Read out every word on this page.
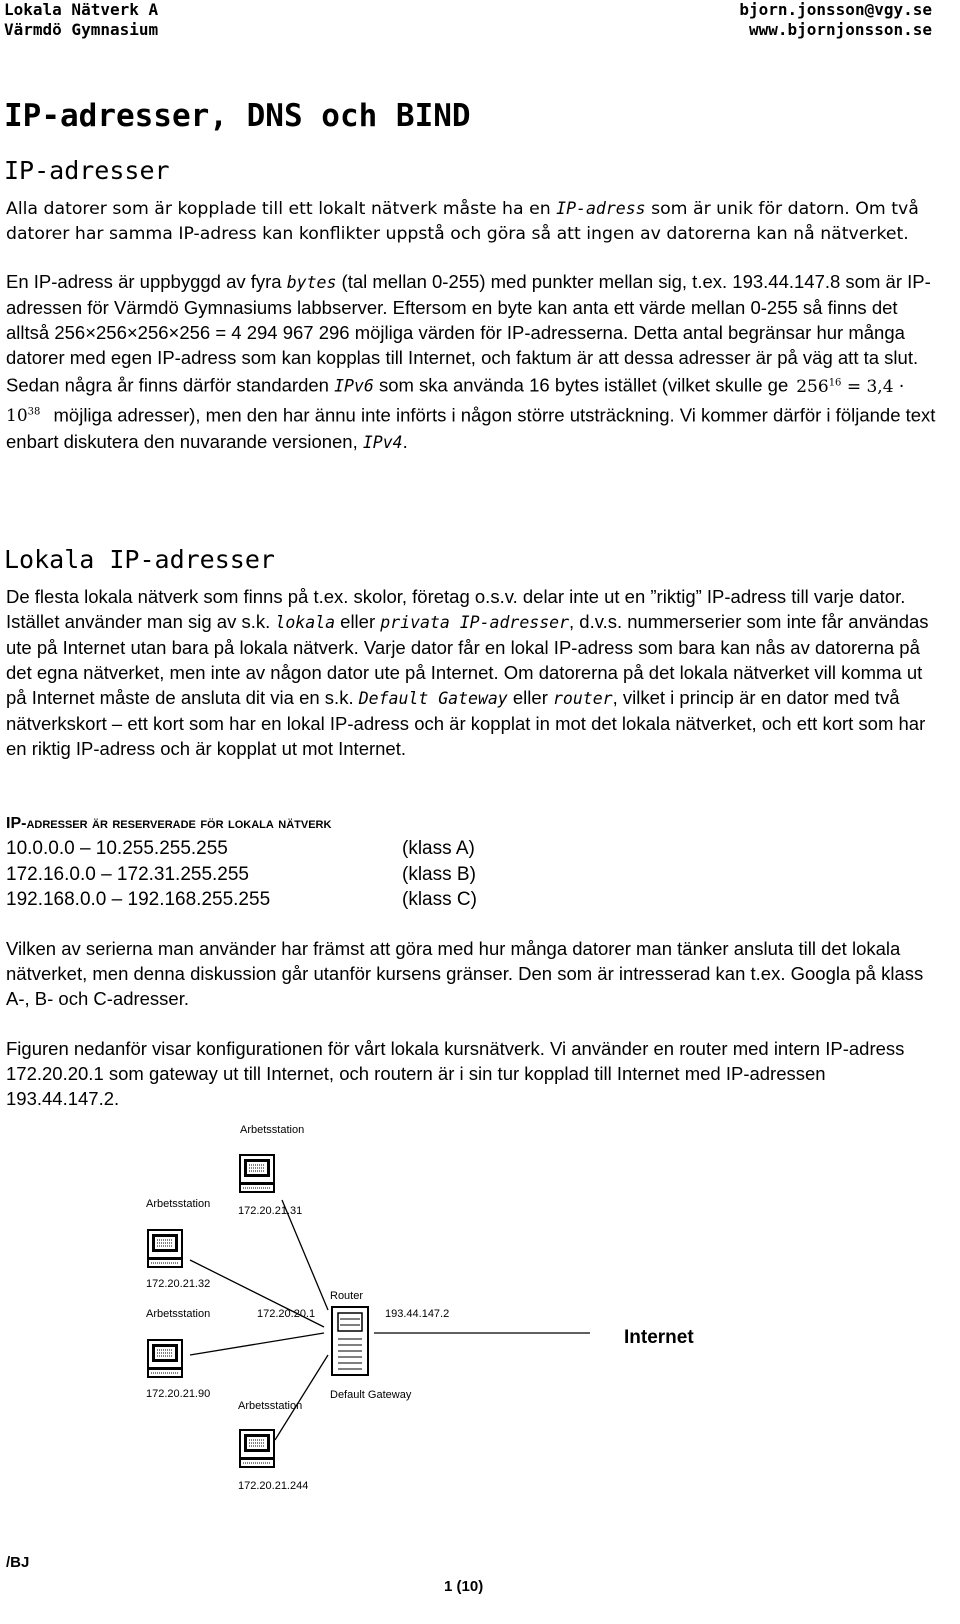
Lokala Nätverk A
Värmdö Gymnasium
bjorn.jonsson@vgy.se
www.bjornjonsson.se
IP-adresser, DNS och BIND
IP-adresser

Alla datorer som är kopplade till ett lokalt nätverk måste ha en IP-adress som är unik för datorn. Om två datorer har samma IP-adress kan konflikter uppstå och göra så att ingen av datorerna kan nå nätverket.

En IP-adress är uppbyggd av fyra bytes (tal mellan 0-255) med punkter mellan sig, t.ex. 193.44.147.8 som är IP-adressen för Värmdö Gymnasiums labbserver. Eftersom en byte kan anta ett värde mellan 0-255 så finns det alltså 256×256×256×256 = 4 294 967 296 möjliga värden för IP-adresserna. Detta antal begränsar hur många datorer med egen IP-adress som kan kopplas till Internet, och faktum är att dessa adresser är på väg att ta slut. Sedan några år finns därför standarden IPv6 som ska använda 16 bytes istället (vilket skulle ge $256^{16} = 3,4 \cdot 10^{38}$ möjliga adresser), men den har ännu inte införts i någon större utsträckning. Vi kommer därför i följande text enbart diskutera den nuvarande versionen, IPv4.

Lokala IP-adresser

De flesta lokala nätverk som finns på t.ex. skolor, företag o.s.v. delar inte ut en ”riktig” IP-adress till varje dator. Istället använder man sig av s.k. lokala eller privata IP-adresser, d.v.s. nummerserier som inte får användas ute på Internet utan bara på lokala nätverk. Varje dator får en lokal IP-adress som bara kan nås av datorerna på det egna nätverket, men inte av någon dator ute på Internet. Om datorerna på det lokala nätverket vill komma ut på Internet måste de ansluta dit via en s.k. Default Gateway eller router, vilket i princip är en dator med två nätverkskort – ett kort som har en lokal IP-adress och är kopplat in mot det lokala nätverket, och ett kort som har en riktig IP-adress och är kopplat ut mot Internet.

IP-adresser är reserverade för lokala nätverk
10.0.0.0 – 10.255.255.255	(klass A)
172.16.0.0 – 172.31.255.255	(klass B)
192.168.0.0 – 192.168.255.255	(klass C)

Vilken av serierna man använder har främst att göra med hur många datorer man tänker ansluta till det lokala nätverket, men denna diskussion går utanför kursens gränser. Den som är intresserad kan t.ex. Googla på klass A-, B- och C-adresser.

Figuren nedanför visar konfigurationen för vårt lokala kursnätverk. Vi använder en router med intern IP-adress 172.20.20.1 som gateway ut till Internet, och routern är i sin tur kopplad till Internet med IP-adressen 193.44.147.2.

Arbetsstation
172.20.21.31
Arbetsstation
172.20.21.32
Arbetsstation	172.20.20.1
Router
193.44.147.2
Default Gateway
172.20.21.90
Arbetsstation
172.20.21.244
Internet
/BJ
1 (10)
